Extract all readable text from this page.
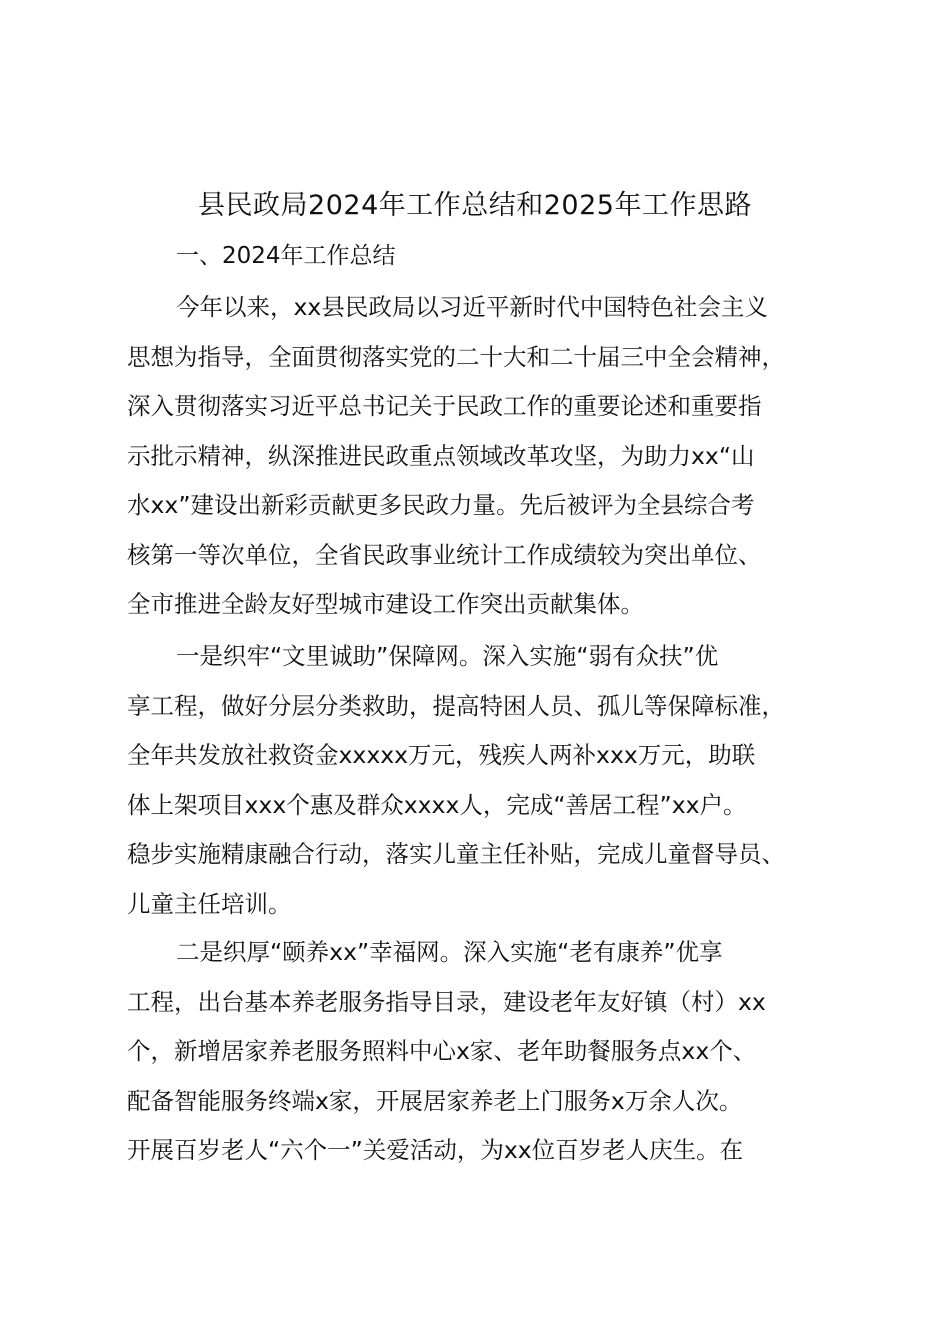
县民政局2024年工作总结和2025年工作思路
一、2024年工作总结
今年以来，xx县民政局以习近平新时代中国特色社会主义
思想为指导，全面贯彻落实党的二十大和二十届三中全会精神，
深入贯彻落实习近平总书记关于民政工作的重要论述和重要指
示批示精神，纵深推进民政重点领域改革攻坚，为助力xx“山
水xx”建设出新彩贡献更多民政力量。先后被评为全县综合考
核第一等次单位，全省民政事业统计工作成绩较为突出单位、
全市推进全龄友好型城市建设工作突出贡献集体。
一是织牢“文里诚助”保障网。深入实施“弱有众扶”优
享工程，做好分层分类救助，提高特困人员、孤儿等保障标准，
全年共发放社救资金xxxxx万元，残疾人两补xxx万元，助联
体上架项目xxx个惠及群众xxxx人，完成“善居工程”xx户。
稳步实施精康融合行动，落实儿童主任补贴，完成儿童督导员、
儿童主任培训。
二是织厚“颐养xx”幸福网。深入实施“老有康养”优享
工程，出台基本养老服务指导目录，建设老年友好镇（村）xx
个，新增居家养老服务照料中心x家、老年助餐服务点xx个、
配备智能服务终端x家，开展居家养老上门服务x万余人次。
开展百岁老人“六个一”关爱活动，为xx位百岁老人庆生。在
